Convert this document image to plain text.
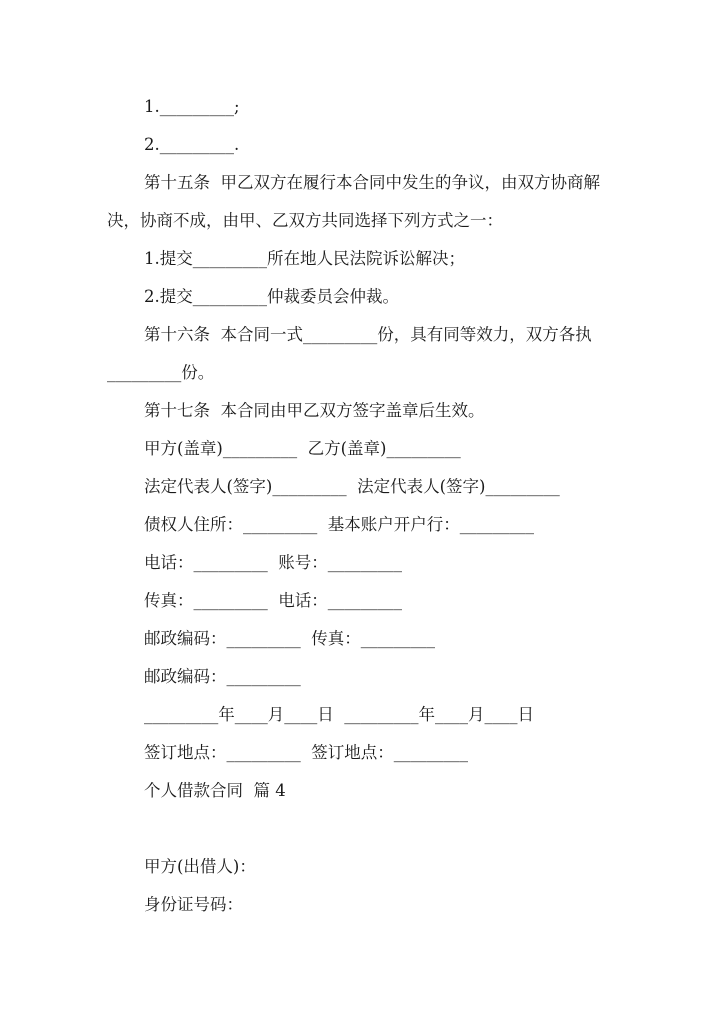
1._________;
2._________.
第十五条  甲乙双方在履行本合同中发生的争议，由双方协商解
决，协商不成，由甲、乙双方共同选择下列方式之一：
1.提交_________所在地人民法院诉讼解决；
2.提交_________仲裁委员会仲裁。
第十六条  本合同一式_________份，具有同等效力，双方各执
_________份。
第十七条  本合同由甲乙双方签字盖章后生效。
甲方(盖章)_________  乙方(盖章)_________
法定代表人(签字)_________  法定代表人(签字)_________
债权人住所：_________  基本账户开户行：_________
电话：_________  账号：_________
传真：_________  电话：_________
邮政编码：_________  传真：_________
邮政编码：_________
_________年____月____日  _________年____月____日
签订地点：_________  签订地点：_________
个人借款合同  篇 4
甲方(出借人)：
身份证号码：
